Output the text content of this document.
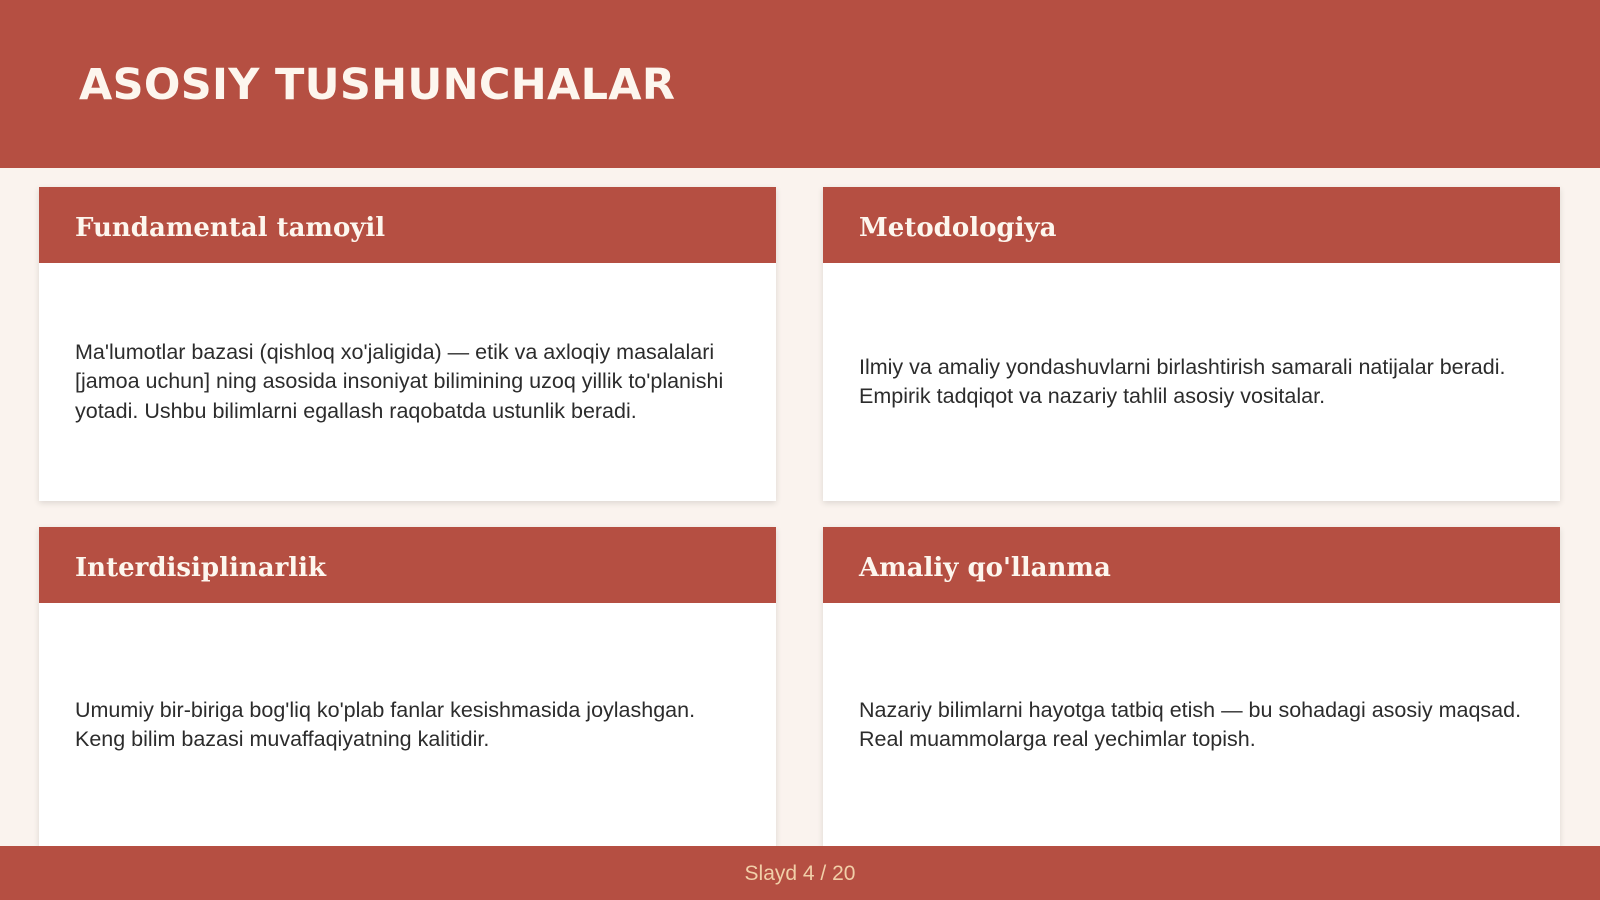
ASOSIY TUSHUNCHALAR
Fundamental tamoyil

Ma'lumotlar bazasi (qishloq xo'jaligida) — etik va axloqiy masalalari [jamoa uchun] ning asosida insoniyat bilimining uzoq yillik to'planishi yotadi. Ushbu bilimlarni egallash raqobatda ustunlik beradi.

Metodologiya

Ilmiy va amaliy yondashuvlarni birlashtirish samarali natijalar beradi. Empirik tadqiqot va nazariy tahlil asosiy vositalar.

Interdisiplinarlik

Umumiy bir-biriga bog'liq ko'plab fanlar kesishmasida joylashgan. Keng bilim bazasi muvaffaqiyatning kalitidir.

Amaliy qo'llanma

Nazariy bilimlarni hayotga tatbiq etish — bu sohadagi asosiy maqsad. Real muammolarga real yechimlar topish.

Slayd 4 / 20
